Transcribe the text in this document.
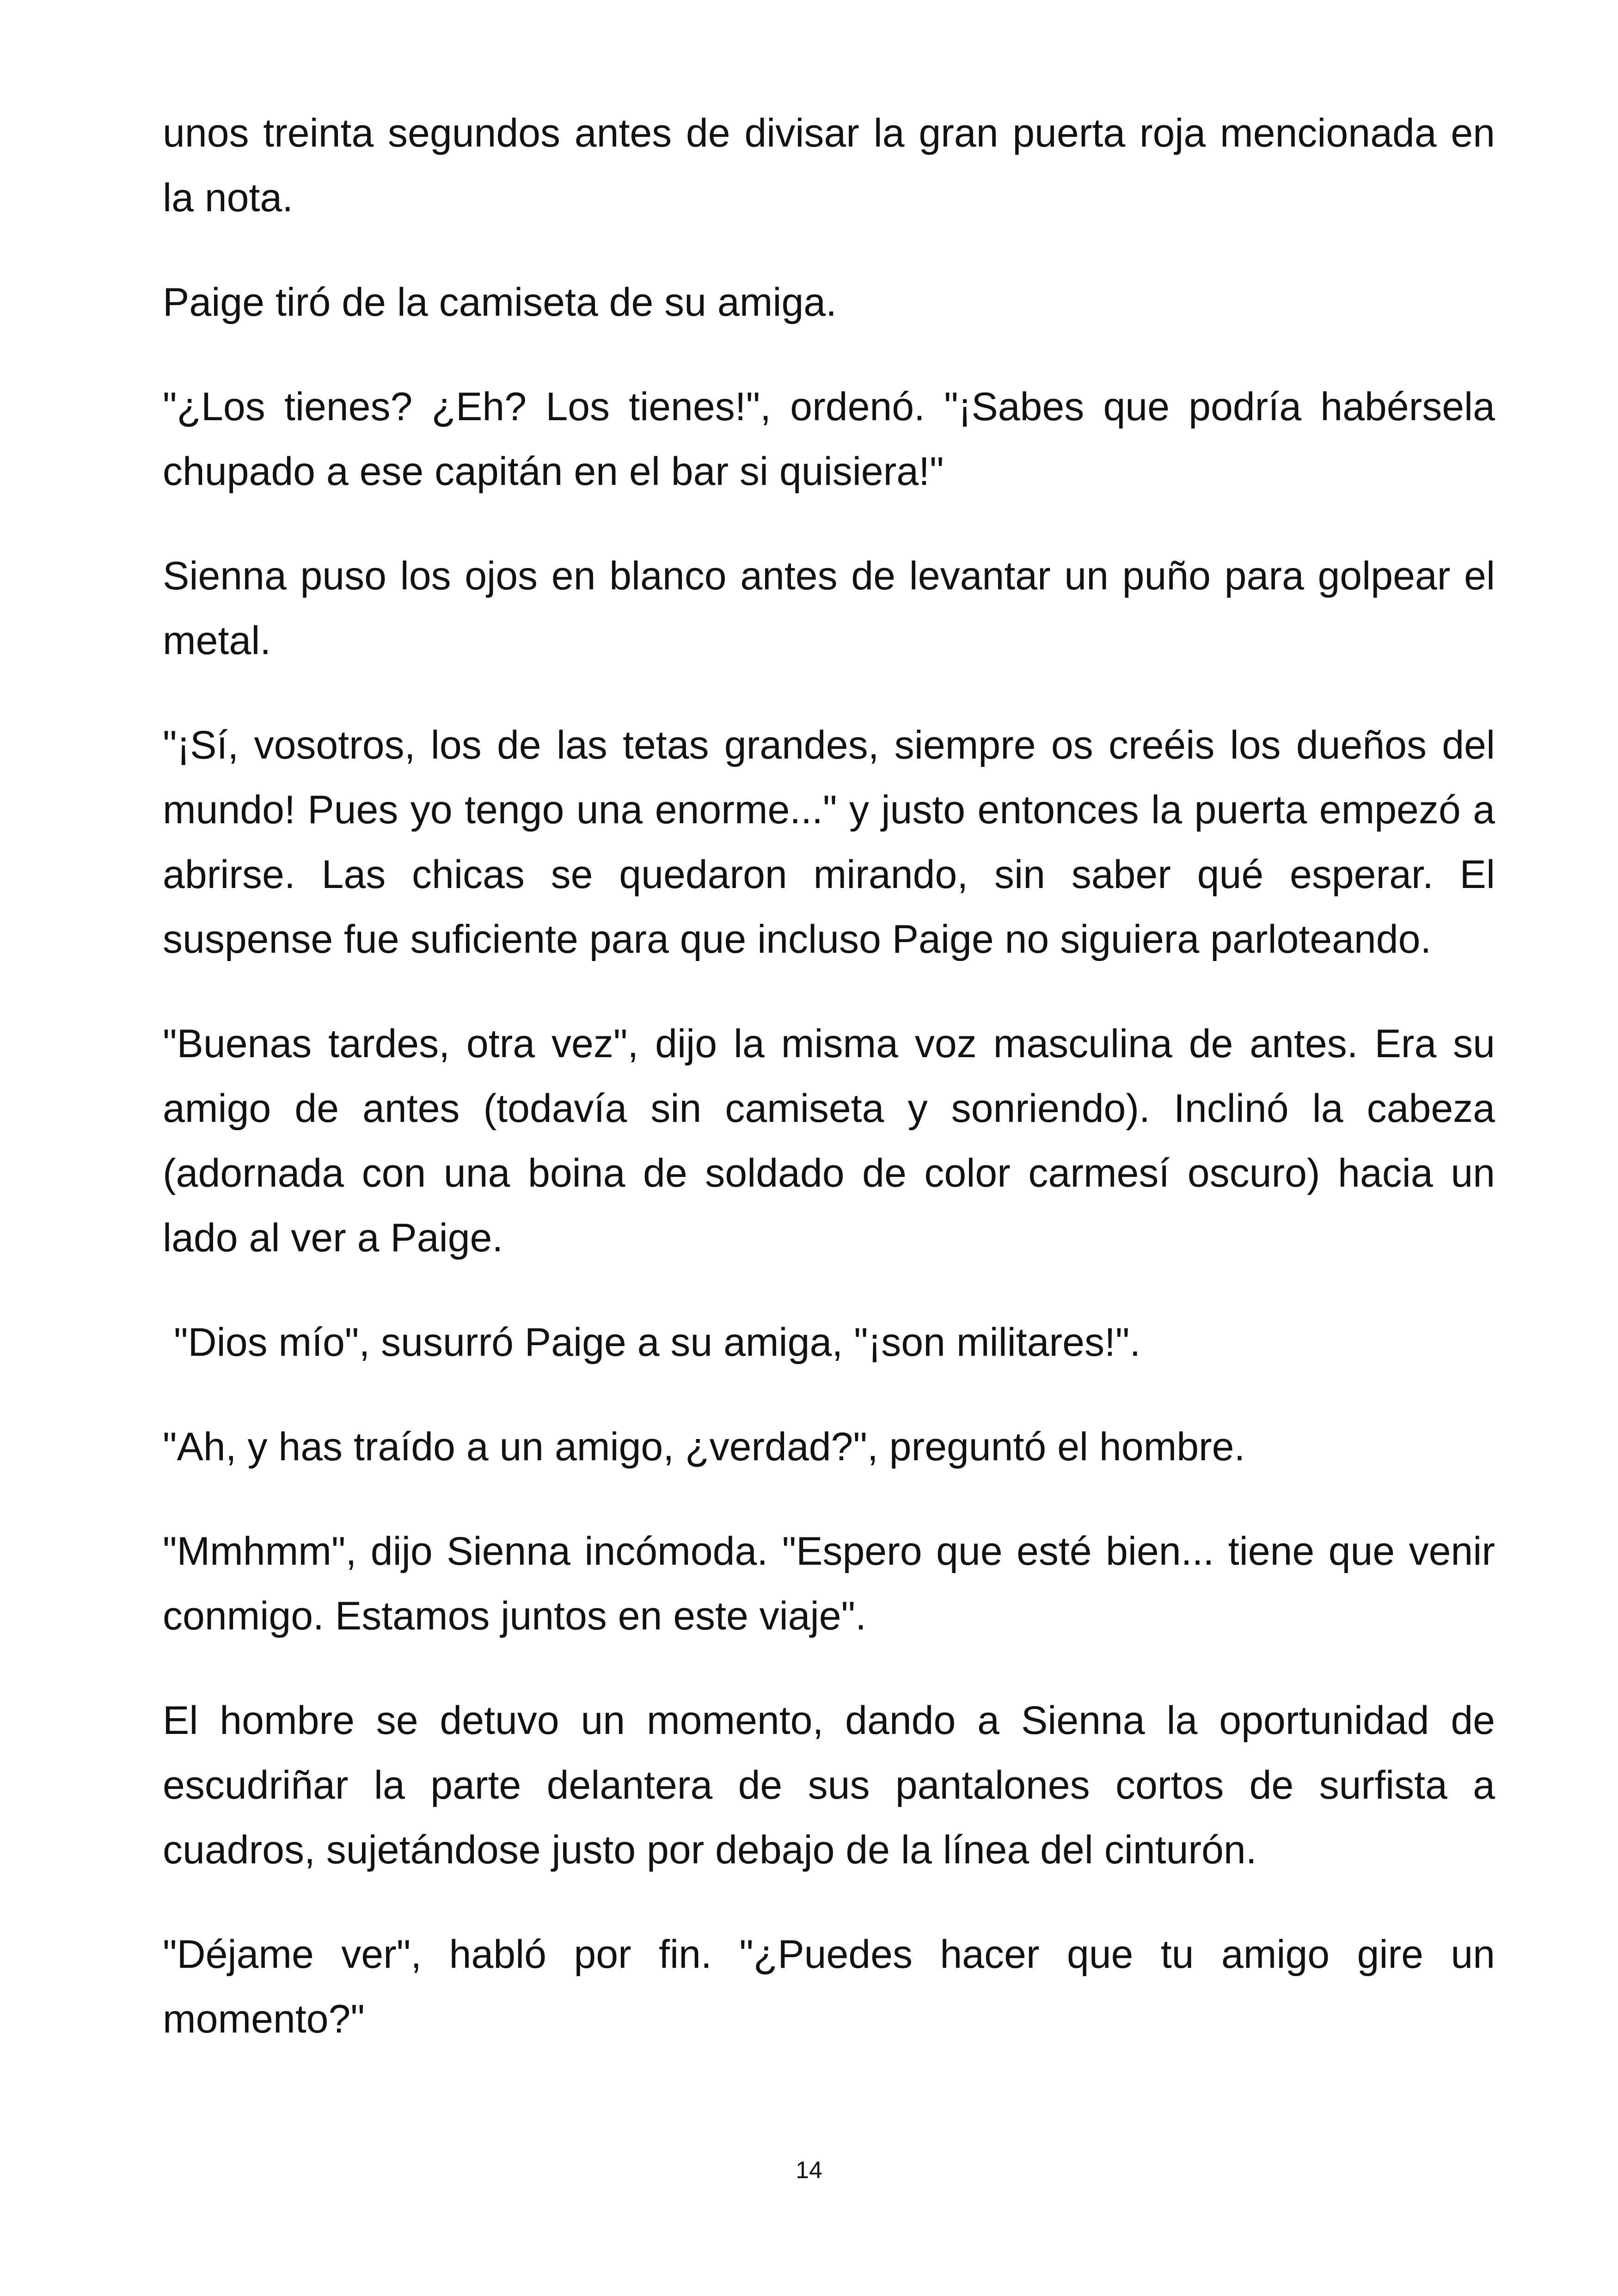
unos treinta segundos antes de divisar la gran puerta roja mencionada en la nota.

Paige tiró de la camiseta de su amiga.

"¿Los tienes? ¿Eh? Los tienes!", ordenó. "¡Sabes que podría habérsela chupado a ese capitán en el bar si quisiera!"

Sienna puso los ojos en blanco antes de levantar un puño para golpear el metal.

"¡Sí, vosotros, los de las tetas grandes, siempre os creéis los dueños del mundo! Pues yo tengo una enorme..." y justo entonces la puerta empezó a abrirse. Las chicas se quedaron mirando, sin saber qué esperar. El suspense fue suficiente para que incluso Paige no siguiera parloteando.

"Buenas tardes, otra vez", dijo la misma voz masculina de antes. Era su amigo de antes (todavía sin camiseta y sonriendo). Inclinó la cabeza (adornada con una boina de soldado de color carmesí oscuro) hacia un lado al ver a Paige.

"Dios mío", susurró Paige a su amiga, "¡son militares!".

"Ah, y has traído a un amigo, ¿verdad?", preguntó el hombre.

"Mmhmm", dijo Sienna incómoda. "Espero que esté bien... tiene que venir conmigo. Estamos juntos en este viaje".

El hombre se detuvo un momento, dando a Sienna la oportunidad de escudriñar la parte delantera de sus pantalones cortos de surfista a cuadros, sujetándose justo por debajo de la línea del cinturón.

"Déjame ver", habló por fin. "¿Puedes hacer que tu amigo gire un momento?"

14
